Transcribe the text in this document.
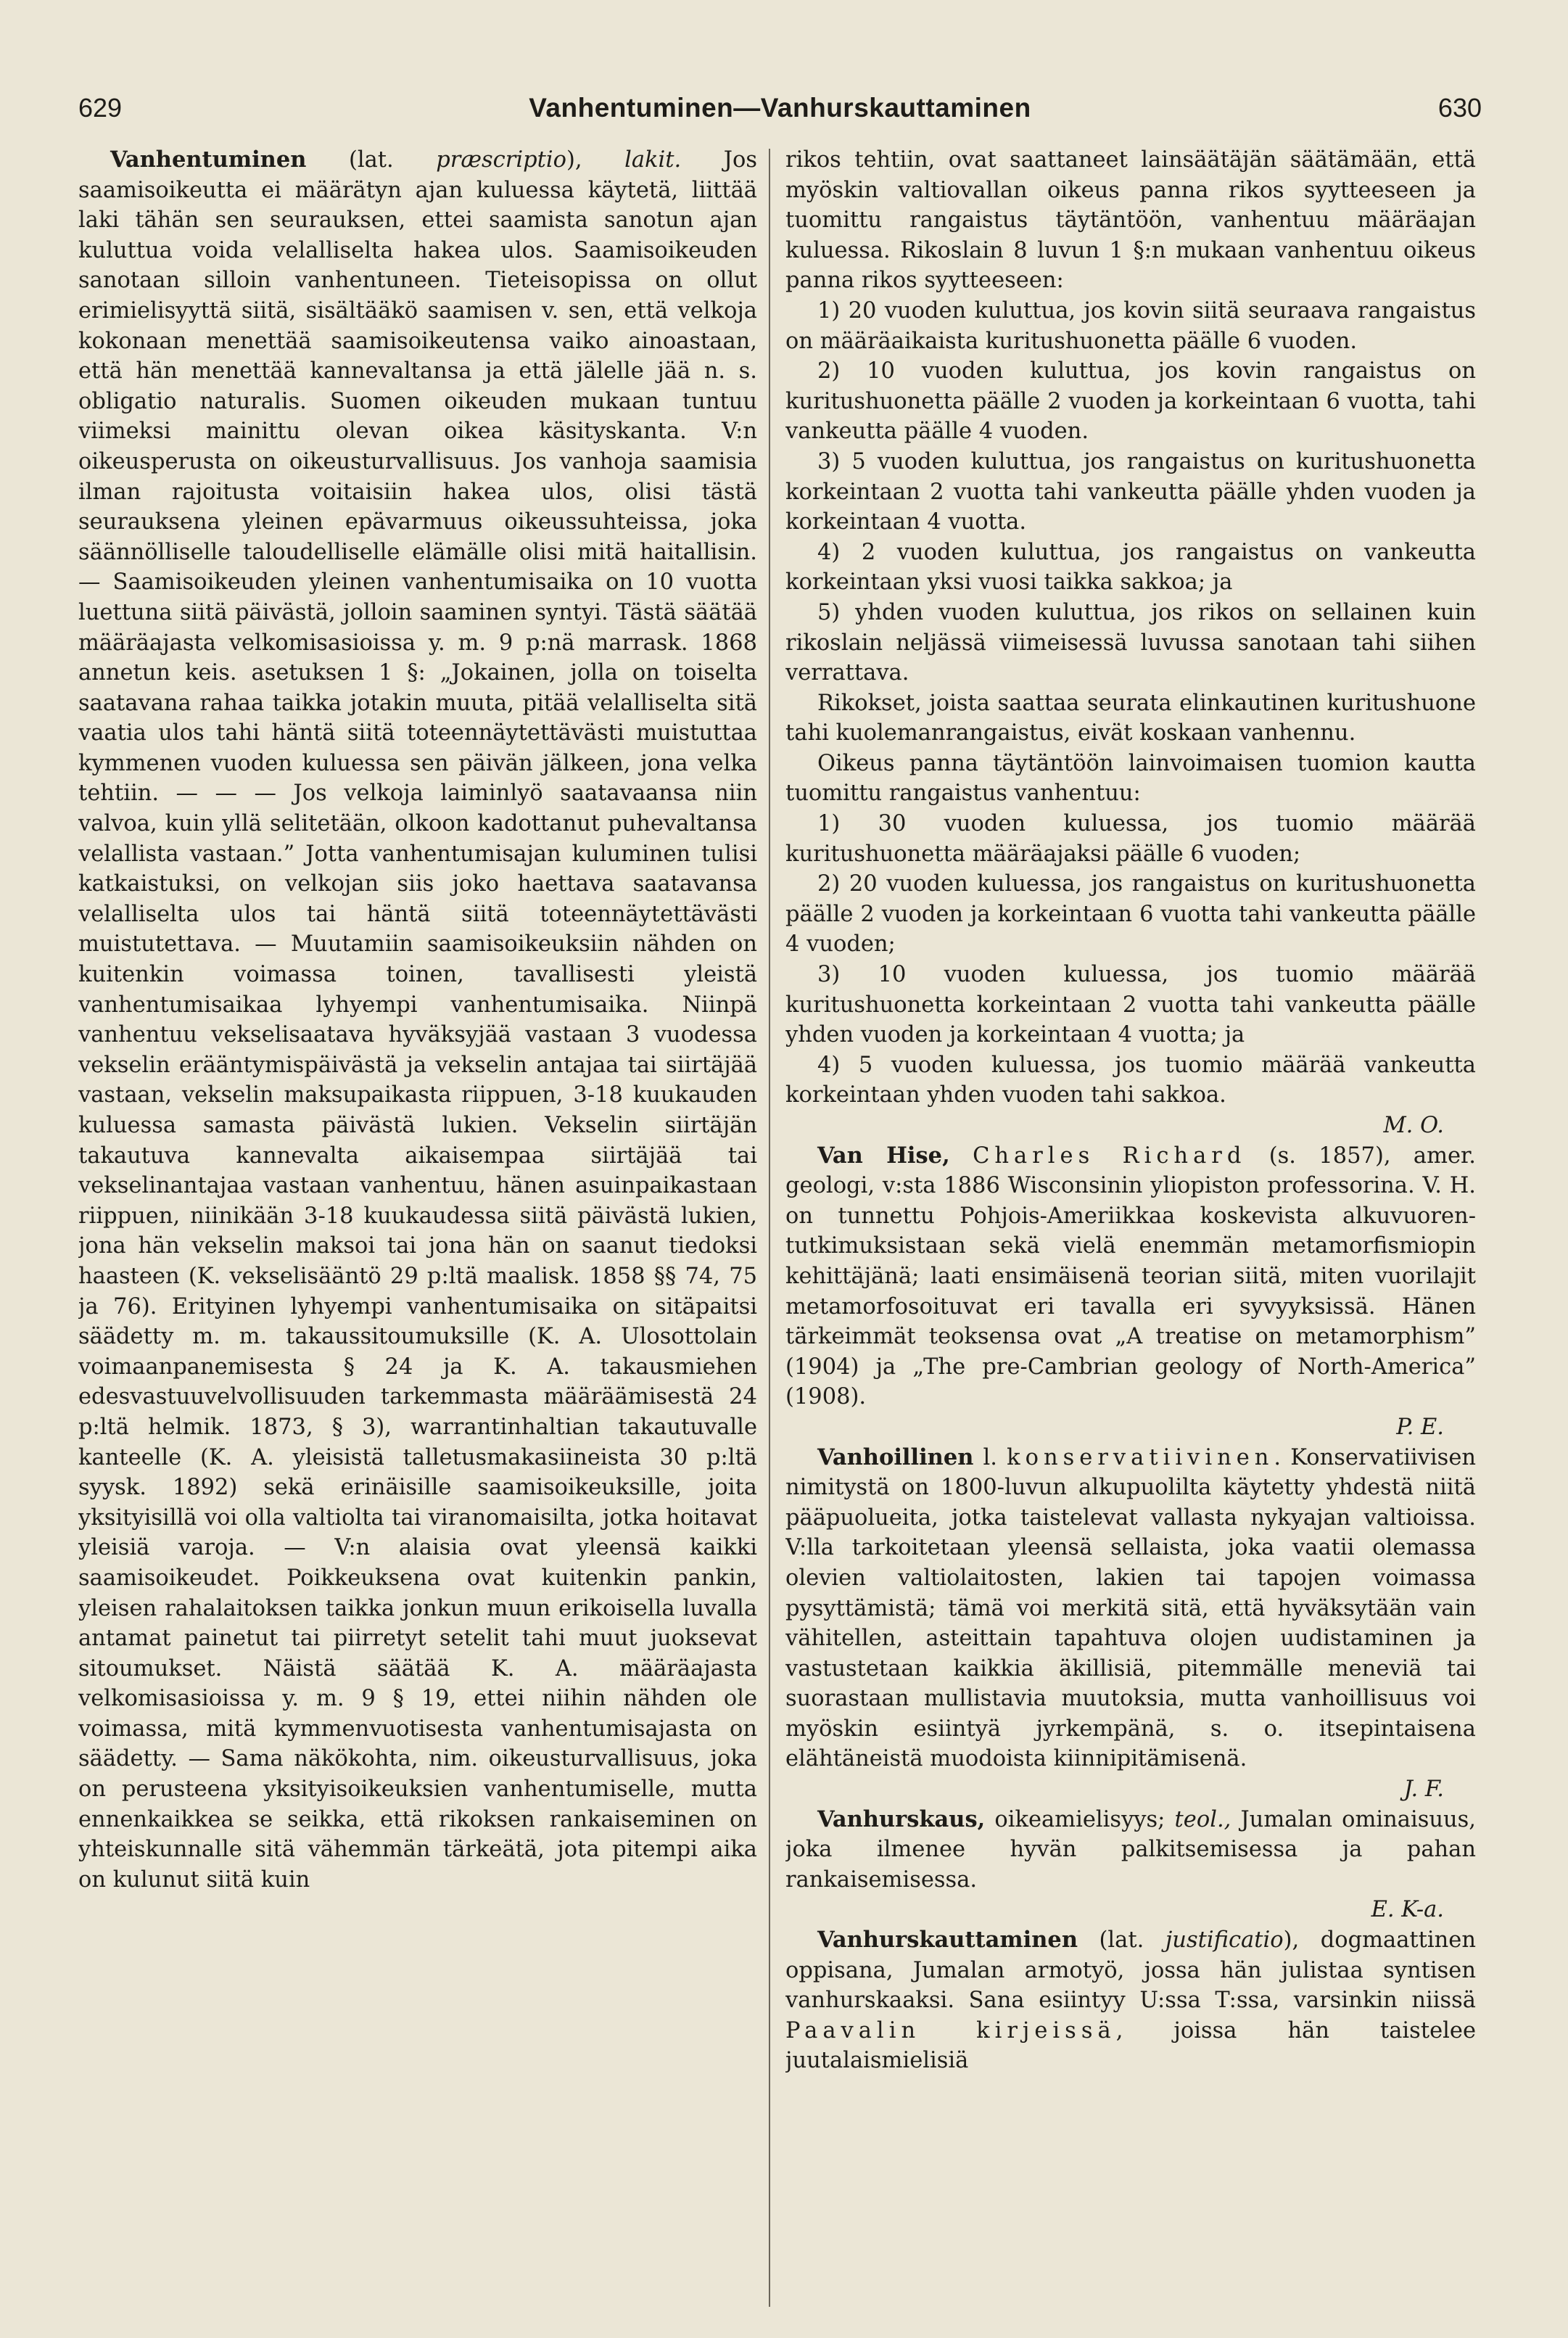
629	Vanhentuminen—Vanhurskauttaminen	630

Vanhentuminen (lat. præscriptio), lakit. Jos saamisoikeutta ei määrätyn ajan kuluessa käytetä, liittää laki tähän sen seurauksen, ettei saamista sanotun ajan kuluttua voida velalliselta hakea ulos. Saamisoikeuden sanotaan silloin vanhentuneen. Tieteisopissa on ollut erimielisyyttä siitä, sisältääkö saamisen v. sen, että velkoja kokonaan menettää saamisoikeutensa vaiko ainoastaan, että hän menettää kannevaltansa ja että jälelle jää n. s. obligatio naturalis. Suomen oikeuden mukaan tuntuu viimeksi mainittu olevan oikea käsityskanta. V:n oikeusperusta on oikeusturvallisuus. Jos vanhoja saamisia ilman rajoitusta voitaisiin hakea ulos, olisi tästä seurauksena yleinen epävarmuus oikeussuhteissa, joka säännölliselle taloudelliselle elämälle olisi mitä haitallisin. — Saamisoikeuden yleinen vanhentumisaika on 10 vuotta luettuna siitä päivästä, jolloin saaminen syntyi. Tästä säätää määräajasta velkomisasioissa y. m. 9 p:nä marrask. 1868 annetun keis. asetuksen 1 §: „Jokainen, jolla on toiselta saatavana rahaa taikka jotakin muuta, pitää velalliselta sitä vaatia ulos tahi häntä siitä toteennäytettävästi muistuttaa kymmenen vuoden kuluessa sen päivän jälkeen, jona velka tehtiin. — — — Jos velkoja laiminlyö saatavaansa niin valvoa, kuin yllä selitetään, olkoon kadottanut puhevaltansa velallista vastaan.” Jotta vanhentumisajan kuluminen tulisi katkaistuksi, on velkojan siis joko haettava saatavansa velalliselta ulos tai häntä siitä toteennäytettävästi muistutettava. — Muutamiin saamisoikeuksiin nähden on kuitenkin voimassa toinen, tavallisesti yleistä vanhentumisaikaa lyhyempi vanhentumisaika. Niinpä vanhentuu vekselisaatava hyväksyjää vastaan 3 vuodessa vekselin erääntymispäivästä ja vekselin antajaa tai siirtäjää vastaan, vekselin maksupaikasta riippuen, 3-18 kuukauden kuluessa samasta päivästä lukien. Vekselin siirtäjän takautuva kannevalta aikaisempaa siirtäjää tai vekselinantajaa vastaan vanhentuu, hänen asuinpaikastaan riippuen, niinikään 3-18 kuukaudessa siitä päivästä lukien, jona hän vekselin maksoi tai jona hän on saanut tiedoksi haasteen (K. vekselisääntö 29 p:ltä maalisk. 1858 §§ 74, 75 ja 76). Erityinen lyhyempi vanhentumisaika on sitäpaitsi säädetty m. m. takaussitoumuksille (K. A. Ulosottolain voimaanpanemisesta § 24 ja K. A. takausmiehen edesvastuuvelvollisuuden tarkemmasta määräämisestä 24 p:ltä helmik. 1873, § 3), warrantinhaltian takautuvalle kanteelle (K. A. yleisistä talletusmakasiineista 30 p:ltä syysk. 1892) sekä erinäisille saamisoikeuksille, joita yksityisillä voi olla valtiolta tai viranomaisilta, jotka hoitavat yleisiä varoja. — V:n alaisia ovat yleensä kaikki saamisoikeudet. Poikkeuksena ovat kuitenkin pankin, yleisen rahalaitoksen taikka jonkun muun erikoisella luvalla antamat painetut tai piirretyt setelit tahi muut juoksevat sitoumukset. Näistä säätää K. A. määräajasta velkomisasioissa y. m. 9 § 19, ettei niihin nähden ole voimassa, mitä kymmenvuotisesta vanhentumisajasta on säädetty. — Sama näkökohta, nim. oikeusturvallisuus, joka on perusteena yksityisoikeuksien vanhentumiselle, mutta ennenkaikkea se seikka, että rikoksen rankaiseminen on yhteiskunnalle sitä vähemmän tärkeätä, jota pitempi aika on kulunut siitä kuin

rikos tehtiin, ovat saattaneet lainsäätäjän säätämään, että myöskin valtiovallan oikeus panna rikos syytteeseen ja tuomittu rangaistus täytäntöön, vanhentuu määräajan kuluessa. Rikoslain 8 luvun 1 §:n mukaan vanhentuu oikeus panna rikos syytteeseen:

1) 20 vuoden kuluttua, jos kovin siitä seuraava rangaistus on määräaikaista kuritushuonetta päälle 6 vuoden.

2) 10 vuoden kuluttua, jos kovin rangaistus on kuritushuonetta päälle 2 vuoden ja korkeintaan 6 vuotta, tahi vankeutta päälle 4 vuoden.

3) 5 vuoden kuluttua, jos rangaistus on kuritushuonetta korkeintaan 2 vuotta tahi vankeutta päälle yhden vuoden ja korkeintaan 4 vuotta.

4) 2 vuoden kuluttua, jos rangaistus on vankeutta korkeintaan yksi vuosi taikka sakkoa; ja

5) yhden vuoden kuluttua, jos rikos on sellainen kuin rikoslain neljässä viimeisessä luvussa sanotaan tahi siihen verrattava.

Rikokset, joista saattaa seurata elinkautinen kuritushuone tahi kuolemanrangaistus, eivät koskaan vanhennu.

Oikeus panna täytäntöön lainvoimaisen tuomion kautta tuomittu rangaistus vanhentuu:

1) 30 vuoden kuluessa, jos tuomio määrää kuritushuonetta määräajaksi päälle 6 vuoden;

2) 20 vuoden kuluessa, jos rangaistus on kuritushuonetta päälle 2 vuoden ja korkeintaan 6 vuotta tahi vankeutta päälle 4 vuoden;

3) 10 vuoden kuluessa, jos tuomio määrää kuritushuonetta korkeintaan 2 vuotta tahi vankeutta päälle yhden vuoden ja korkeintaan 4 vuotta; ja

4) 5 vuoden kuluessa, jos tuomio määrää vankeutta korkeintaan yhden vuoden tahi sakkoa.

M. O.

Van Hise, Charles Richard (s. 1857), amer. geologi, v:sta 1886 Wisconsinin yliopiston professorina. V. H. on tunnettu Pohjois-Ameriikkaa koskevista alkuvuoren-tutkimuksistaan sekä vielä enemmän metamorfismiopin kehittäjänä; laati ensimäisenä teorian siitä, miten vuorilajit metamorfosoituvat eri tavalla eri syvyyksissä. Hänen tärkeimmät teoksensa ovat „A treatise on metamorphism” (1904) ja „The pre-Cambrian geology of North-America” (1908).

P. E.

Vanhoillinen l. konservatiivinen. Konservatiivisen nimitystä on 1800-luvun alkupuolilta käytetty yhdestä niitä pääpuolueita, jotka taistelevat vallasta nykyajan valtioissa. V:lla tarkoitetaan yleensä sellaista, joka vaatii olemassa olevien valtiolaitosten, lakien tai tapojen voimassa pysyttämistä; tämä voi merkitä sitä, että hyväksytään vain vähitellen, asteittain tapahtuva olojen uudistaminen ja vastustetaan kaikkia äkillisiä, pitemmälle meneviä tai suorastaan mullistavia muutoksia, mutta vanhoillisuus voi myöskin esiintyä jyrkempänä, s. o. itsepintaisena elähtäneistä muodoista kiinnipitämisenä.

J. F.

Vanhurskaus, oikeamielisyys; teol., Jumalan ominaisuus, joka ilmenee hyvän palkitsemisessa ja pahan rankaisemisessa.

E. K-a.

Vanhurskauttaminen (lat. justificatio), dogmaattinen oppisana, Jumalan armotyö, jossa hän julistaa syntisen vanhurskaaksi. Sana esiintyy U:ssa T:ssa, varsinkin niissä Paavalin kirjeissä, joissa hän taistelee juutalaismielisiä
